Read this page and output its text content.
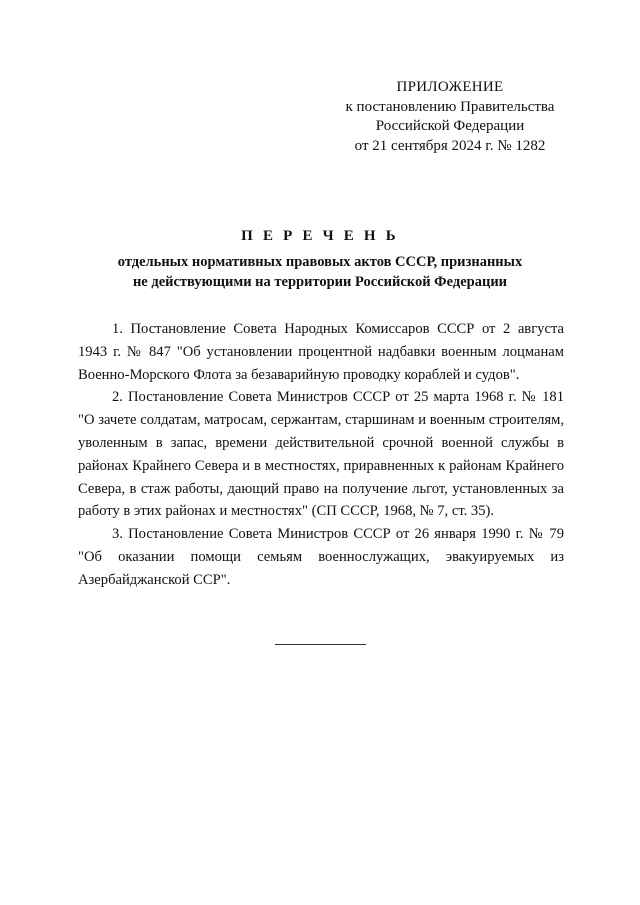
ПРИЛОЖЕНИЕ
к постановлению Правительства
Российской Федерации
от 21 сентября 2024 г. № 1282
П Е Р Е Ч Е Н Ь
отдельных нормативных правовых актов СССР, признанных
не действующими на территории Российской Федерации

1. Постановление Совета Народных Комиссаров СССР от 2 августа 1943 г. № 847 "Об установлении процентной надбавки военным лоцманам Военно-Морского Флота за безаварийную проводку кораблей и судов".

2. Постановление Совета Министров СССР от 25 марта 1968 г. № 181 "О зачете солдатам, матросам, сержантам, старшинам и военным строителям, уволенным в запас, времени действительной срочной военной службы в районах Крайнего Севера и в местностях, приравненных к районам Крайнего Севера, в стаж работы, дающий право на получение льгот, установленных за работу в этих районах и местностях" (СП СССР, 1968, № 7, ст. 35).

3. Постановление Совета Министров СССР от 26 января 1990 г. № 79 "Об оказании помощи семьям военнослужащих, эвакуируемых из Азербайджанской ССР".
